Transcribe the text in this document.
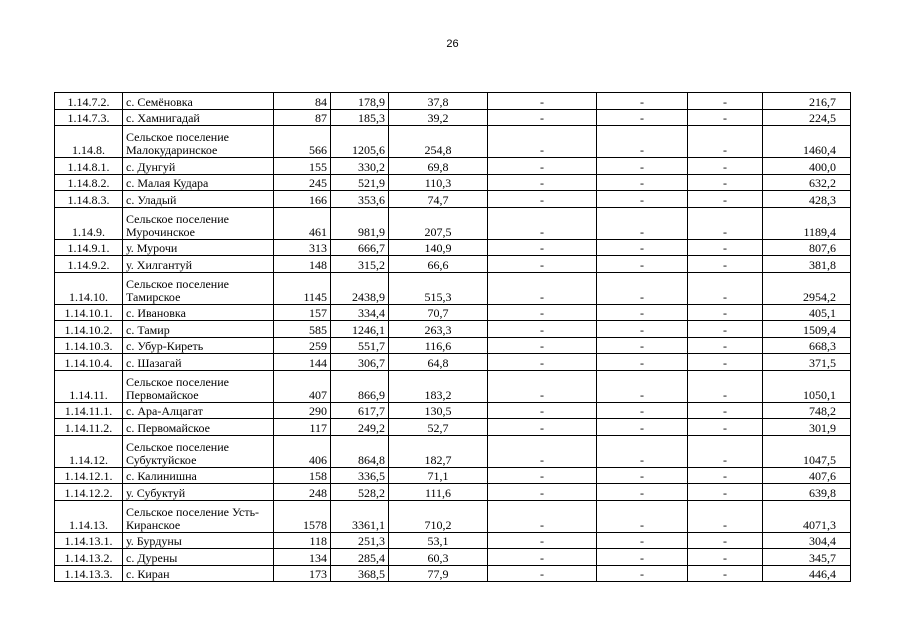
26
1.14.7.2.	с. Семёновка	84	178,9	37,8	-	-	-	216,7
1.14.7.3.	с. Хамнигадай	87	185,3	39,2	-	-	-	224,5
1.14.8.	Сельское поселение Малокударинское	566	1205,6	254,8	-	-	-	1460,4
1.14.8.1.	с. Дунгуй	155	330,2	69,8	-	-	-	400,0
1.14.8.2.	с. Малая Кудара	245	521,9	110,3	-	-	-	632,2
1.14.8.3.	с. Уладый	166	353,6	74,7	-	-	-	428,3
1.14.9.	Сельское поселение Мурочинское	461	981,9	207,5	-	-	-	1189,4
1.14.9.1.	у. Мурочи	313	666,7	140,9	-	-	-	807,6
1.14.9.2.	у. Хилгантуй	148	315,2	66,6	-	-	-	381,8
1.14.10.	Сельское поселение Тамирское	1145	2438,9	515,3	-	-	-	2954,2
1.14.10.1.	с. Ивановка	157	334,4	70,7	-	-	-	405,1
1.14.10.2.	с. Тамир	585	1246,1	263,3	-	-	-	1509,4
1.14.10.3.	с. Убур-Киреть	259	551,7	116,6	-	-	-	668,3
1.14.10.4.	с. Шазагай	144	306,7	64,8	-	-	-	371,5
1.14.11.	Сельское поселение Первомайское	407	866,9	183,2	-	-	-	1050,1
1.14.11.1.	с. Ара-Алцагат	290	617,7	130,5	-	-	-	748,2
1.14.11.2.	с. Первомайское	117	249,2	52,7	-	-	-	301,9
1.14.12.	Сельское поселение Субуктуйское	406	864,8	182,7	-	-	-	1047,5
1.14.12.1.	с. Калинишна	158	336,5	71,1	-	-	-	407,6
1.14.12.2.	у. Субуктуй	248	528,2	111,6	-	-	-	639,8
1.14.13.	Сельское поселение Усть-Киранское	1578	3361,1	710,2	-	-	-	4071,3
1.14.13.1.	у. Бурдуны	118	251,3	53,1	-	-	-	304,4
1.14.13.2.	с. Дурены	134	285,4	60,3	-	-	-	345,7
1.14.13.3.	с. Киран	173	368,5	77,9	-	-	-	446,4
